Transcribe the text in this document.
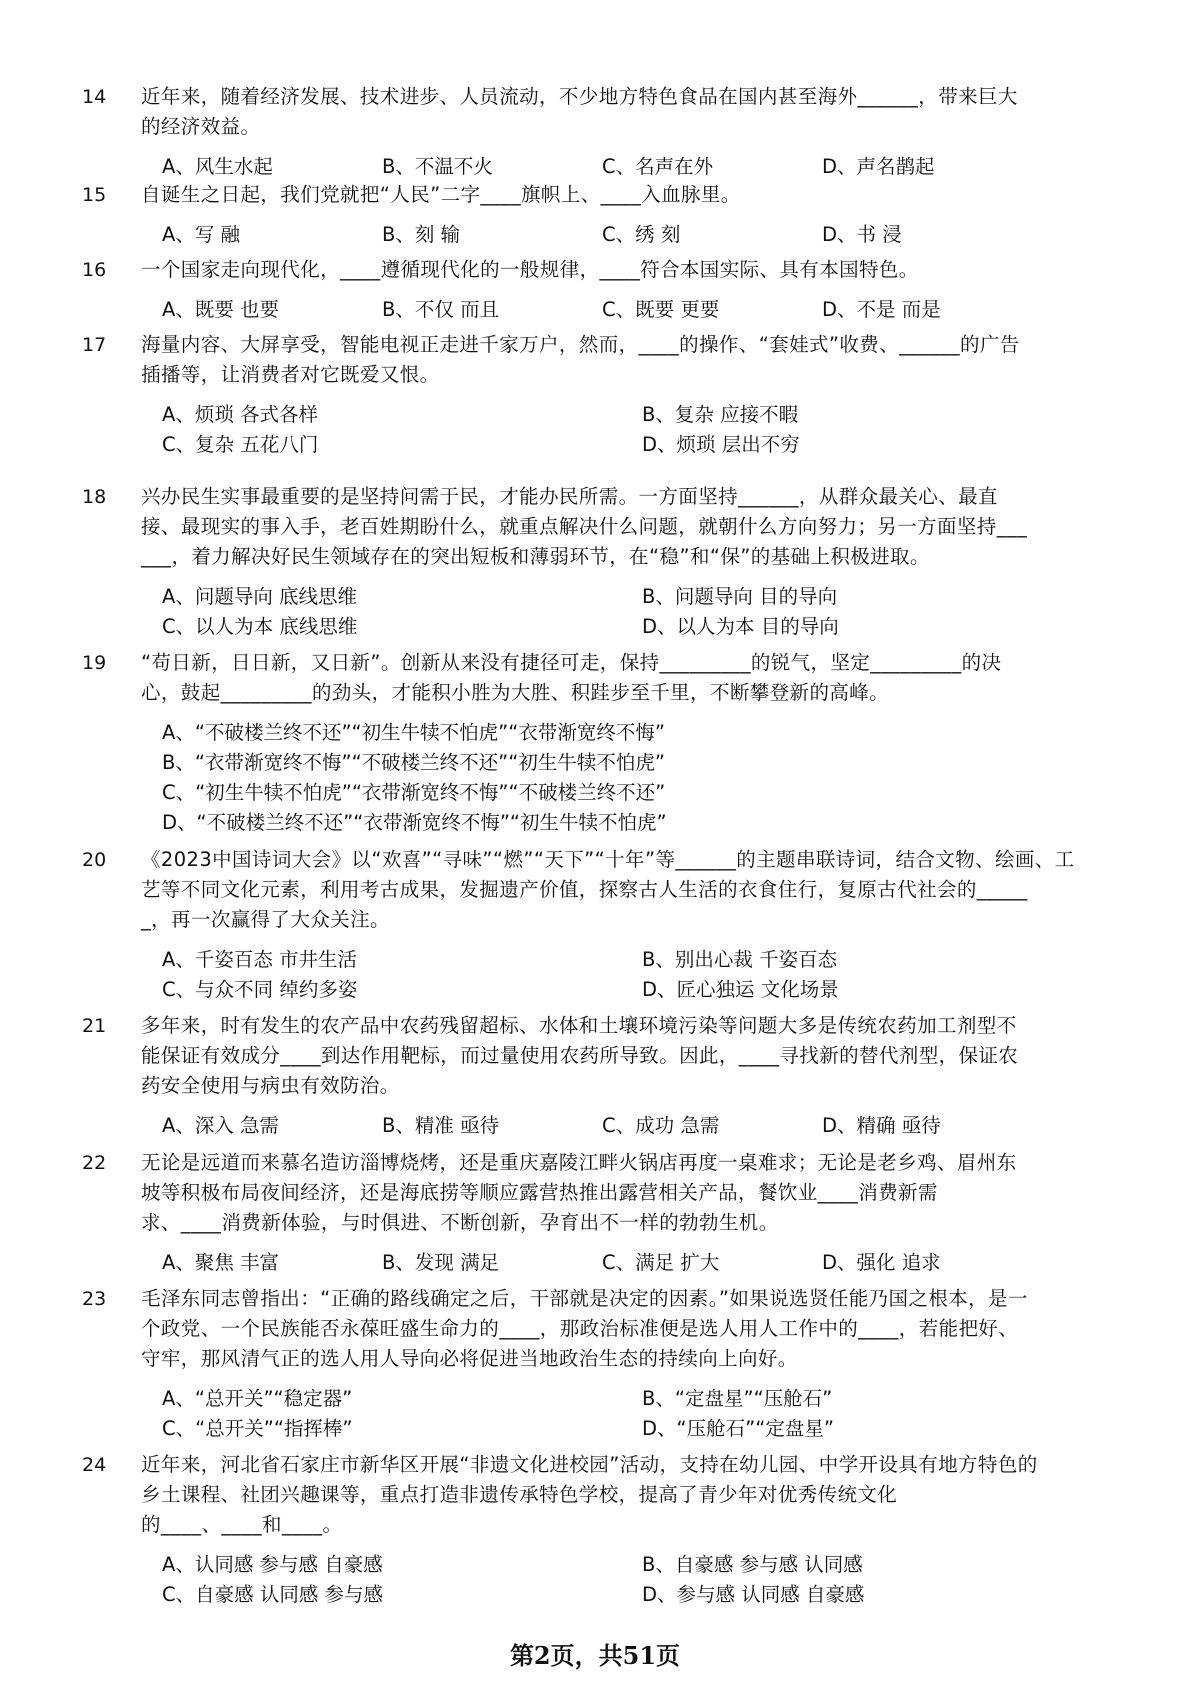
14 近年来，随着经济发展、技术进步、人员流动，不少地方特色食品在国内甚至海外______，带来巨大
的经济效益。
A、风生水起	B、不温不火	C、名声在外	D、声名鹊起
15 自诞生之日起，我们党就把“人民”二字____旗帜上、____入血脉里。
A、写 融	B、刻 输	C、绣 刻	D、书 浸
16 一个国家走向现代化，____遵循现代化的一般规律，____符合本国实际、具有本国特色。
A、既要 也要	B、不仅 而且	C、既要 更要	D、不是 而是
17 海量内容、大屏享受，智能电视正走进千家万户，然而，____的操作、“套娃式”收费、______的广告
插播等，让消费者对它既爱又恨。
A、烦琐 各式各样	B、复杂 应接不暇
C、复杂 五花八门	D、烦琐 层出不穷
18 兴办民生实事最重要的是坚持问需于民，才能办民所需。一方面坚持______，从群众最关心、最直
接、最现实的事入手，老百姓期盼什么，就重点解决什么问题，就朝什么方向努力；另一方面坚持___
___，着力解决好民生领域存在的突出短板和薄弱环节，在“稳”和“保”的基础上积极进取。
A、问题导向 底线思维	B、问题导向 目的导向
C、以人为本 底线思维	D、以人为本 目的导向
19 “苟日新，日日新，又日新”。创新从来没有捷径可走，保持_________的锐气，坚定_________的决
心，鼓起_________的劲头，才能积小胜为大胜、积跬步至千里，不断攀登新的高峰。
A、“不破楼兰终不还”“初生牛犊不怕虎”“衣带渐宽终不悔”
B、“衣带渐宽终不悔”“不破楼兰终不还”“初生牛犊不怕虎”
C、“初生牛犊不怕虎”“衣带渐宽终不悔”“不破楼兰终不还”
D、“不破楼兰终不还”“衣带渐宽终不悔”“初生牛犊不怕虎”
20 《2023中国诗词大会》以“欢喜”“寻味”“燃”“天下”“十年”等______的主题串联诗词，结合文物、绘画、工
艺等不同文化元素，利用考古成果，发掘遗产价值，探察古人生活的衣食住行，复原古代社会的_____
_，再一次赢得了大众关注。
A、千姿百态 市井生活	B、别出心裁 千姿百态
C、与众不同 绰约多姿	D、匠心独运 文化场景
21 多年来，时有发生的农产品中农药残留超标、水体和土壤环境污染等问题大多是传统农药加工剂型不
能保证有效成分____到达作用靶标，而过量使用农药所导致。因此，____寻找新的替代剂型，保证农
药安全使用与病虫有效防治。
A、深入 急需	B、精准 亟待	C、成功 急需	D、精确 亟待
22 无论是远道而来慕名造访淄博烧烤，还是重庆嘉陵江畔火锅店再度一桌难求；无论是老乡鸡、眉州东
坡等积极布局夜间经济，还是海底捞等顺应露营热推出露营相关产品，餐饮业____消费新需
求、____消费新体验，与时俱进、不断创新，孕育出不一样的勃勃生机。
A、聚焦 丰富	B、发现 满足	C、满足 扩大	D、强化 追求
23 毛泽东同志曾指出：“正确的路线确定之后，干部就是决定的因素。”如果说选贤任能乃国之根本，是一
个政党、一个民族能否永葆旺盛生命力的____，那政治标准便是选人用人工作中的____，若能把好、
守牢，那风清气正的选人用人导向必将促进当地政治生态的持续向上向好。
A、“总开关”“稳定器”	B、“定盘星”“压舱石”
C、“总开关”“指挥棒”	D、“压舱石”“定盘星”
24 近年来，河北省石家庄市新华区开展“非遗文化进校园”活动，支持在幼儿园、中学开设具有地方特色的
乡土课程、社团兴趣课等，重点打造非遗传承特色学校，提高了青少年对优秀传统文化
的____、____和____。
A、认同感 参与感 自豪感	B、自豪感 参与感 认同感
C、自豪感 认同感 参与感	D、参与感 认同感 自豪感
第2页，共51页
